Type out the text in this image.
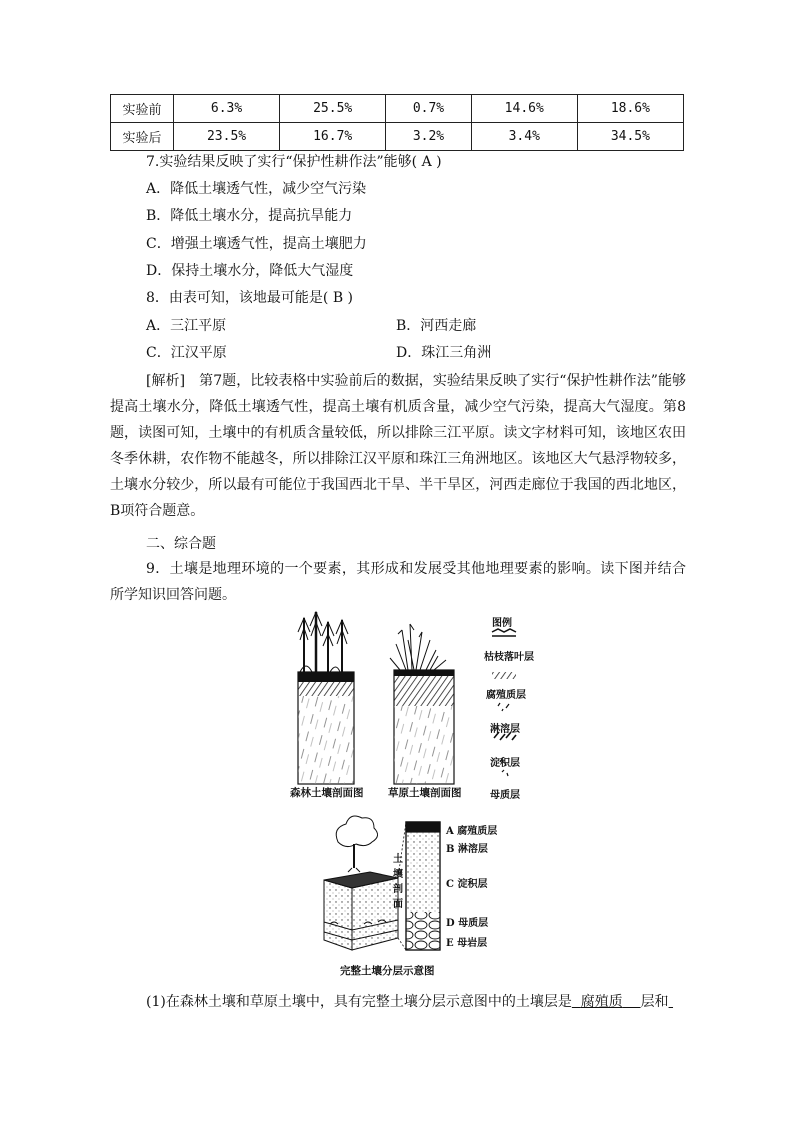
实验前	6.3%	25.5%	0.7%	14.6%	18.6%
实验后	23.5%	16.7%	3.2%	3.4%	34.5%
7.实验结果反映了实行“保护性耕作法”能够( A )
A．降低土壤透气性，减少空气污染
B．降低土壤水分，提高抗旱能力
C．增强土壤透气性，提高土壤肥力
D．保持土壤水分，降低大气湿度
8．由表可知，该地最可能是( B )
A．三江平原	B．河西走廊
C．江汉平原	D．珠江三角洲
[解析]　第7题，比较表格中实验前后的数据，实验结果反映了实行“保护性耕作法”能够提高土壤水分，降低土壤透气性，提高土壤有机质含量，减少空气污染，提高大气湿度。第8题，读图可知，土壤中的有机质含量较低，所以排除三江平原。读文字材料可知，该地区农田冬季休耕，农作物不能越冬，所以排除江汉平原和珠江三角洲地区。该地区大气悬浮物较多，土壤水分较少，所以最有可能位于我国西北干旱、半干旱区，河西走廊位于我国的西北地区，B项符合题意。
二、综合题
9．土壤是地理环境的一个要素，其形成和发展受其他地理要素的影响。读下图并结合所学知识回答问题。
森林土壤剖面图 草原土壤剖面图
图例
枯枝落叶层
腐殖质层
淋溶层
淀积层
母质层
土
壤
剖
面
A 腐殖质层
B 淋溶层
C 淀积层
D 母质层
E 母岩层
完整土壤分层示意图
(1)在森林土壤和草原土壤中，具有完整土壤分层示意图中的土壤层是 腐殖质 层和
